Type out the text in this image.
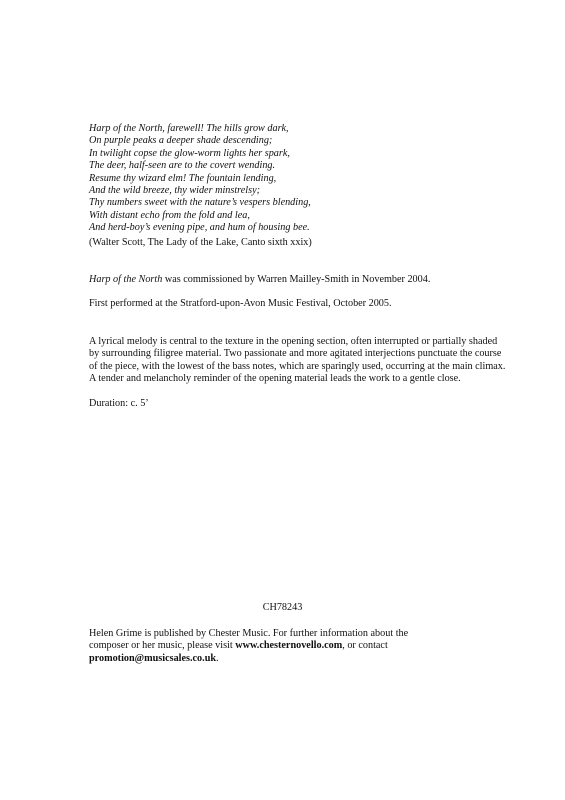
Harp of the North, farewell! The hills grow dark,
On purple peaks a deeper shade descending;
In twilight copse the glow-worm lights her spark,
The deer, half-seen are to the covert wending.
Resume thy wizard elm! The fountain lending,
And the wild breeze, thy wider minstrelsy;
Thy numbers sweet with the nature’s vespers blending,
With distant echo from the fold and lea,
And herd-boy’s evening pipe, and hum of housing bee.
(Walter Scott, The Lady of the Lake, Canto sixth xxix)
Harp of the North was commissioned by Warren Mailley-Smith in November 2004.
First performed at the Stratford-upon-Avon Music Festival, October 2005.
A lyrical melody is central to the texture in the opening section, often interrupted or partially shaded by surrounding filigree material. Two passionate and more agitated interjections punctuate the course of the piece, with the lowest of the bass notes, which are sparingly used, occurring at the main climax. A tender and melancholy reminder of the opening material leads the work to a gentle close.
Duration: c. 5’
CH78243
Helen Grime is published by Chester Music. For further information about the composer or her music, please visit www.chesternovello.com, or contact promotion@musicsales.co.uk.
